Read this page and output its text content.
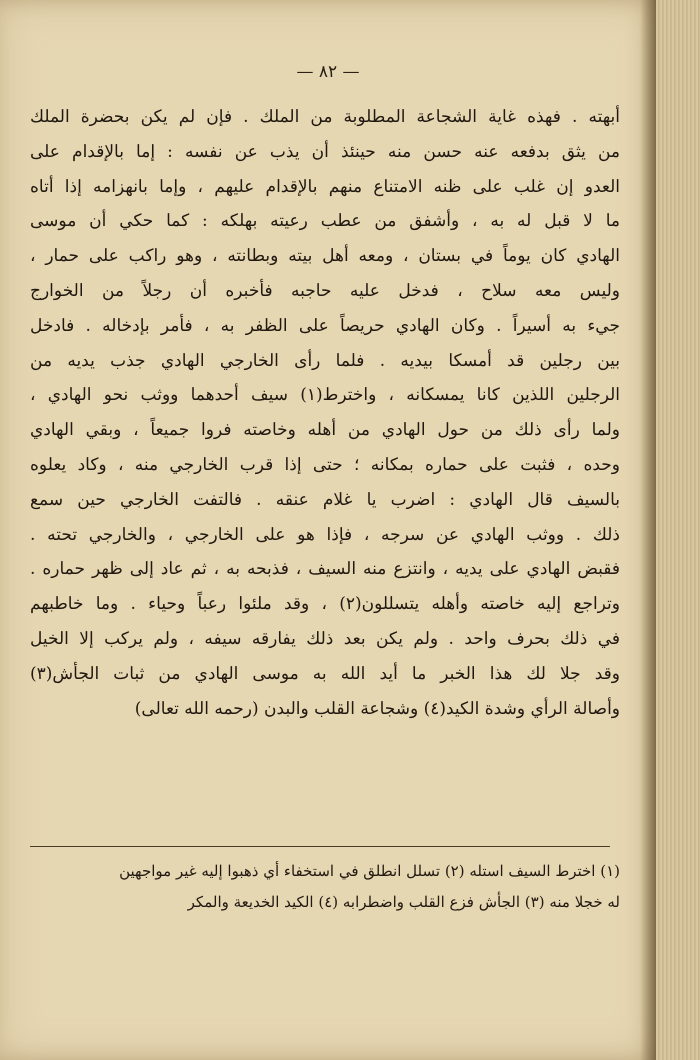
— ٨٢ —
أبهته . فهذه غاية الشجاعة المطلوبة من الملك . فإن لم يكن بحضرة الملك
من يثق بدفعه عنه حسن منه حينئذ أن يذب عن نفسه : إما بالإقدام على
العدو إن غلب على ظنه الامتناع منهم بالإقدام عليهم ، وإما بانهزامه إذا أتاه
ما لا قبل له به ، وأشفق من عطب رعيته بهلكه : كما حكي أن موسى
الهادي كان يوماً في بستان ، ومعه أهل بيته وبطانته ، وهو راكب على حمار ،
وليس معه سلاح ، فدخل عليه حاجبه فأخبره أن رجلاً من الخوارج
جيء به أسيراً . وكان الهادي حريصاً على الظفر به ، فأمر بإدخاله . فادخل
بين رجلين قد أمسكا بيديه . فلما رأى الخارجي الهادي جذب يديه من
الرجلين اللذين كانا يمسكانه ، واخترط(١) سيف أحدهما ووثب نحو الهادي ،
ولما رأى ذلك من حول الهادي من أهله وخاصته فروا جميعاً ، وبقي الهادي
وحده ، فثبت على حماره بمكانه ؛ حتى إذا قرب الخارجي منه ، وكاد يعلوه
بالسيف قال الهادي : اضرب يا غلام عنقه . فالتفت الخارجي حين سمع
ذلك . ووثب الهادي عن سرجه ، فإذا هو على الخارجي ، والخارجي تحته .
فقبض الهادي على يديه ، وانتزع منه السيف ، فذبحه به ، ثم عاد إلى ظهر حماره .
وتراجع إليه خاصته وأهله يتسللون(٢) ، وقد ملئوا رعباً وحياء . وما خاطبهم
في ذلك بحرف واحد . ولم يكن بعد ذلك يفارقه سيفه ، ولم يركب إلا الخيل
وقد جلا لك هذا الخبر ما أيد الله به موسى الهادي من ثبات الجأش(٣)
وأصالة الرأي وشدة الكيد(٤) وشجاعة القلب والبدن (رحمه الله تعالى)
(١) اخترط السيف استله (٢) تسلل انطلق في استخفاء أي ذهبوا إليه غير مواجهين
له خجلا منه (٣) الجأش فزع القلب واضطرابه (٤) الكيد الخديعة والمكر
